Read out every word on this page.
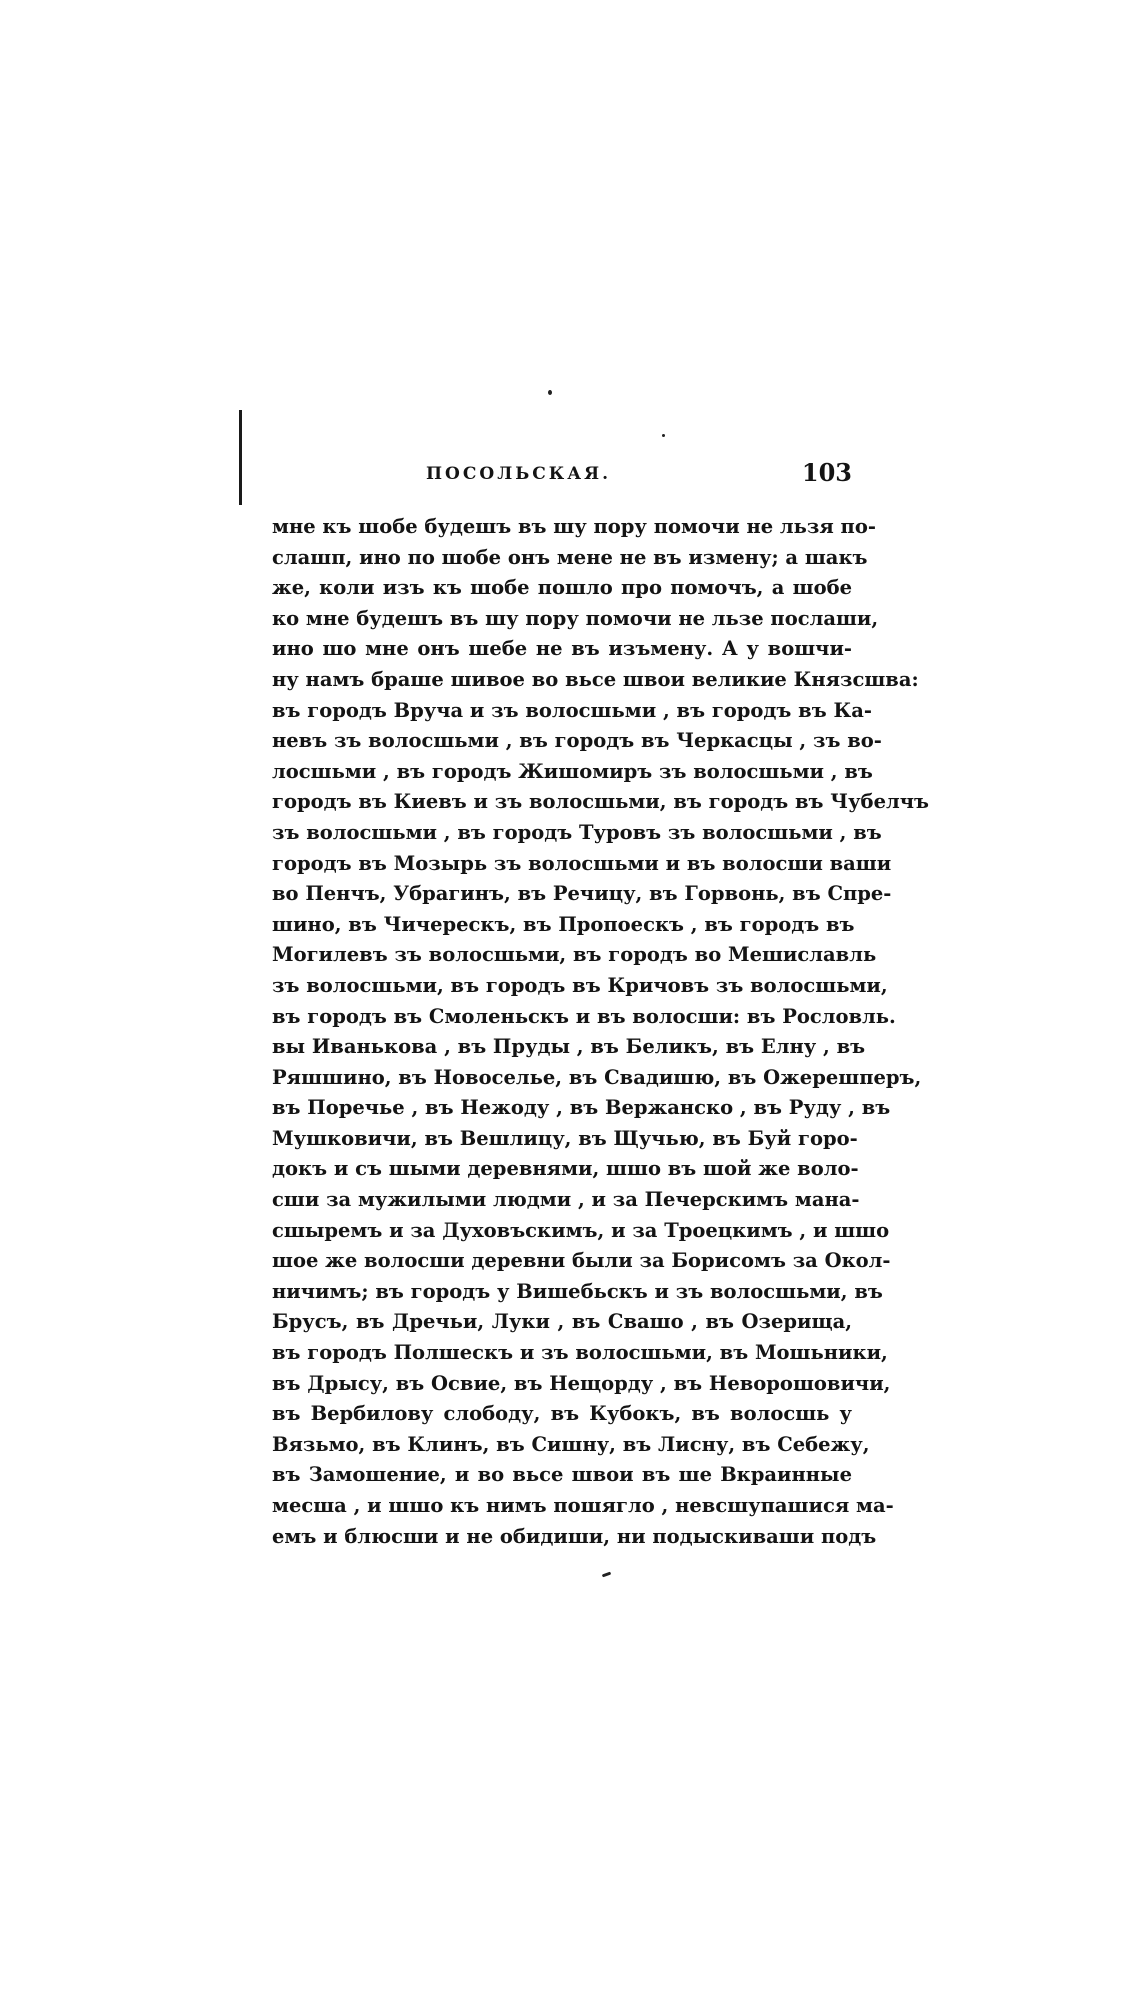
ПОСОЛЬСКАЯ.	103
мне къ шобе будешъ въ шу пору помочи не льзя по-
слашп, ино по шобе онъ мене не въ измену; а шакъ
же, коли изъ къ шобе пошло про помочъ, а шобе
ко мне будешъ въ шу пору помочи не льзе послаши,
ино шо мне онъ шебе не въ изъмену. А у вошчи-
ну намъ брашe шивое во вьсе швои великие Князсшва:
въ городъ Вруча и зъ волосшьми , въ городъ въ Ка-
невъ зъ волосшьми , въ городъ въ Черкасцы , зъ во-
лосшьми , въ городъ Жишомиръ зъ волосшьми , въ
городъ въ Киевъ и зъ волосшьми, въ городъ въ Чубелчъ
зъ волосшьми , въ городъ Туровъ зъ волосшьми , въ
городъ въ Мозырь зъ волосшьми и въ волосши ваши
во Пенчъ, Убрагинъ, въ Речицу, въ Горвонь, въ Спре-
шино, въ Чичерескъ, въ Пропоескъ , въ городъ въ
Могилевъ зъ волосшьми, въ городъ во Мешиславль
зъ волосшьми, въ городъ въ Кричовъ зъ волосшьми,
въ городъ въ Смоленьскъ и въ волосши: въ Рословль.
вы Иванькова , въ Пруды , въ Беликъ, въ Елну , въ
Ряшшино, въ Новоселье, въ Свадишю, въ Ожерешперъ,
въ Поречье , въ Нежоду , въ Вержанско , въ Руду , въ
Мушковичи, въ Вешлицу, въ Щучью, въ Буй горо-
докъ и съ шыми деревнями, шшо въ шой же воло-
сши за мужилыми людми , и за Печерскимъ мана-
сшыремъ и за Духовъскимъ, и за Троецкимъ , и шшо
шое же волосши деревни были за Борисомъ за Окол-
ничимъ; въ городъ у Вишебьскъ и зъ волосшьми, въ
Брусъ, въ Дречьи, Луки , въ Свашо , въ Озерища,
въ городъ Полшескъ и зъ волосшьми, въ Мошьники,
въ Дрысу, въ Освие, въ Нещорду , въ Неворошовичи,
въ Вербилову слободу, въ Кубокъ, въ волосшь у
Вязьмо, въ Клинъ, въ Сишну, въ Лисну, въ Себежу,
въ Замошение, и во вьсе швои въ ше Вкраинные
месша , и шшо къ нимъ пошягло , невсшупашися ма-
емъ и блюсши и не обидиши, ни подыскиваши подъ
